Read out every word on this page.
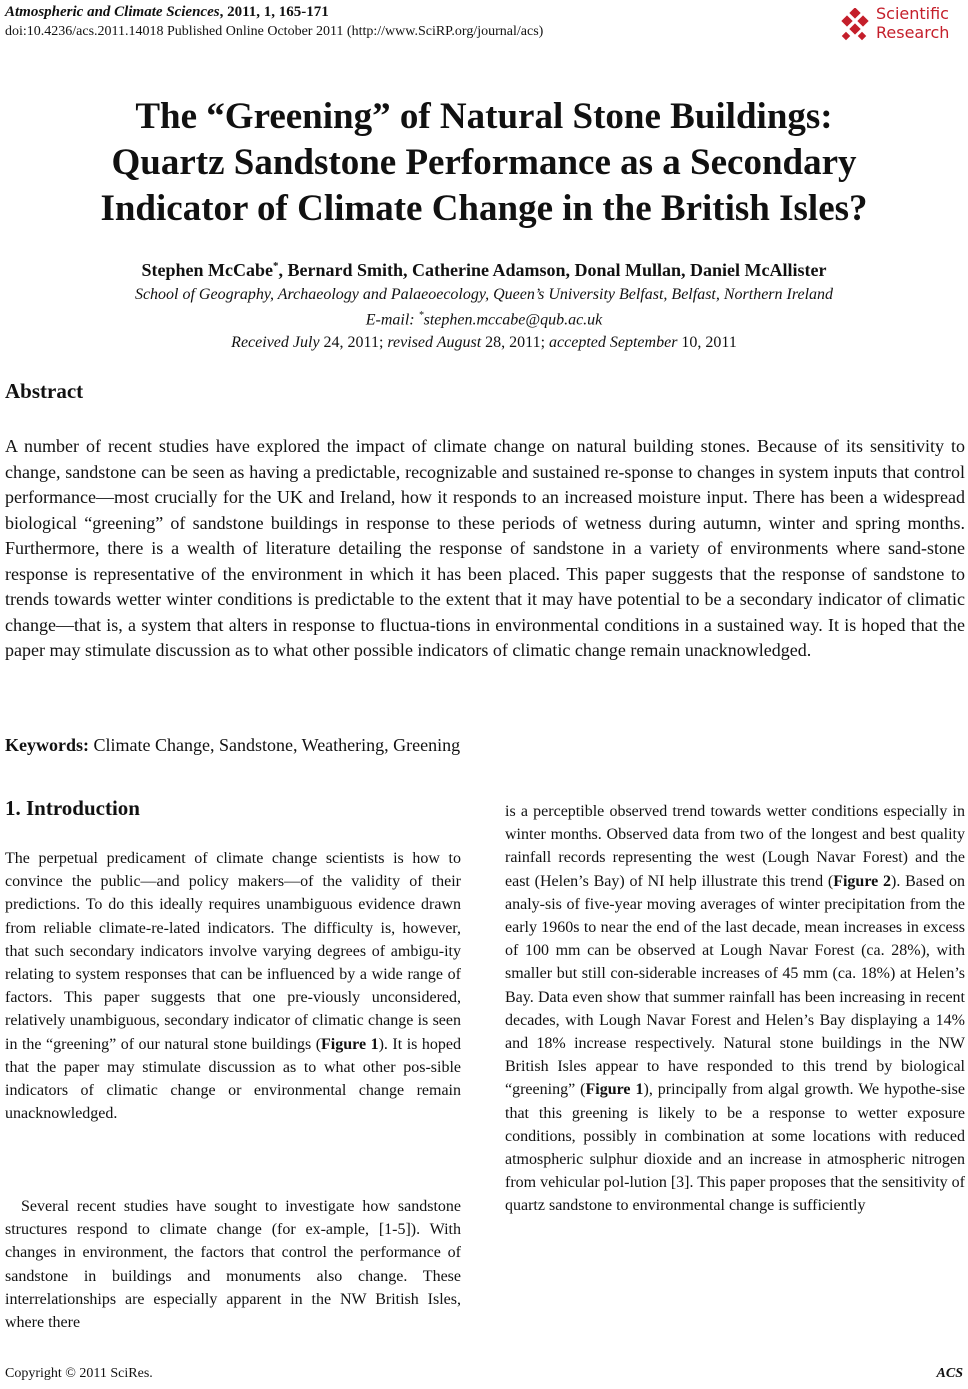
Atmospheric and Climate Sciences, 2011, 1, 165-171
doi:10.4236/acs.2011.14018 Published Online October 2011 (http://www.SciRP.org/journal/acs)
Scientific
Research
The “Greening” of Natural Stone Buildings:
Quartz Sandstone Performance as a Secondary
Indicator of Climate Change in the British Isles?
Stephen McCabe*, Bernard Smith, Catherine Adamson, Donal Mullan, Daniel McAllister
School of Geography, Archaeology and Palaeoecology, Queen’s University Belfast, Belfast, Northern Ireland
E-mail: *stephen.mccabe@qub.ac.uk
Received July 24, 2011; revised August 28, 2011; accepted September 10, 2011
Abstract
A number of recent studies have explored the impact of climate change on natural building stones. Because of its sensitivity to change, sandstone can be seen as having a predictable, recognizable and sustained re-sponse to changes in system inputs that control performance―most crucially for the UK and Ireland, how it responds to an increased moisture input. There has been a widespread biological “greening” of sandstone buildings in response to these periods of wetness during autumn, winter and spring months. Furthermore, there is a wealth of literature detailing the response of sandstone in a variety of environments where sand-stone response is representative of the environment in which it has been placed. This paper suggests that the response of sandstone to trends towards wetter winter conditions is predictable to the extent that it may have potential to be a secondary indicator of climatic change―that is, a system that alters in response to fluctua-tions in environmental conditions in a sustained way. It is hoped that the paper may stimulate discussion as to what other possible indicators of climatic change remain unacknowledged.
Keywords: Climate Change, Sandstone, Weathering, Greening
1. Introduction
The perpetual predicament of climate change scientists is how to convince the public―and policy makers―of the validity of their predictions. To do this ideally requires unambiguous evidence drawn from reliable climate-re-lated indicators. The difficulty is, however, that such secondary indicators involve varying degrees of ambigu-ity relating to system responses that can be influenced by a wide range of factors. This paper suggests that one pre-viously unconsidered, relatively unambiguous, secondary indicator of climatic change is seen in the “greening” of our natural stone buildings (Figure 1). It is hoped that the paper may stimulate discussion as to what other pos-sible indicators of climatic change or environmental change remain unacknowledged.
Several recent studies have sought to investigate how sandstone structures respond to climate change (for ex-ample, [1-5]). With changes in environment, the factors that control the performance of sandstone in buildings and monuments also change. These interrelationships are especially apparent in the NW British Isles, where there
is a perceptible observed trend towards wetter conditions especially in winter months. Observed data from two of the longest and best quality rainfall records representing the west (Lough Navar Forest) and the east (Helen’s Bay) of NI help illustrate this trend (Figure 2). Based on analy-sis of five-year moving averages of winter precipitation from the early 1960s to near the end of the last decade, mean increases in excess of 100 mm can be observed at Lough Navar Forest (ca. 28%), with smaller but still con-siderable increases of 45 mm (ca. 18%) at Helen’s Bay. Data even show that summer rainfall has been increasing in recent decades, with Lough Navar Forest and Helen’s Bay displaying a 14% and 18% increase respectively. Natural stone buildings in the NW British Isles appear to have responded to this trend by biological “greening” (Figure 1), principally from algal growth. We hypothe-sise that this greening is likely to be a response to wetter exposure conditions, possibly in combination at some locations with reduced atmospheric sulphur dioxide and an increase in atmospheric nitrogen from vehicular pol-lution [3]. This paper proposes that the sensitivity of quartz sandstone to environmental change is sufficiently
Copyright © 2011 SciRes.	ACS
